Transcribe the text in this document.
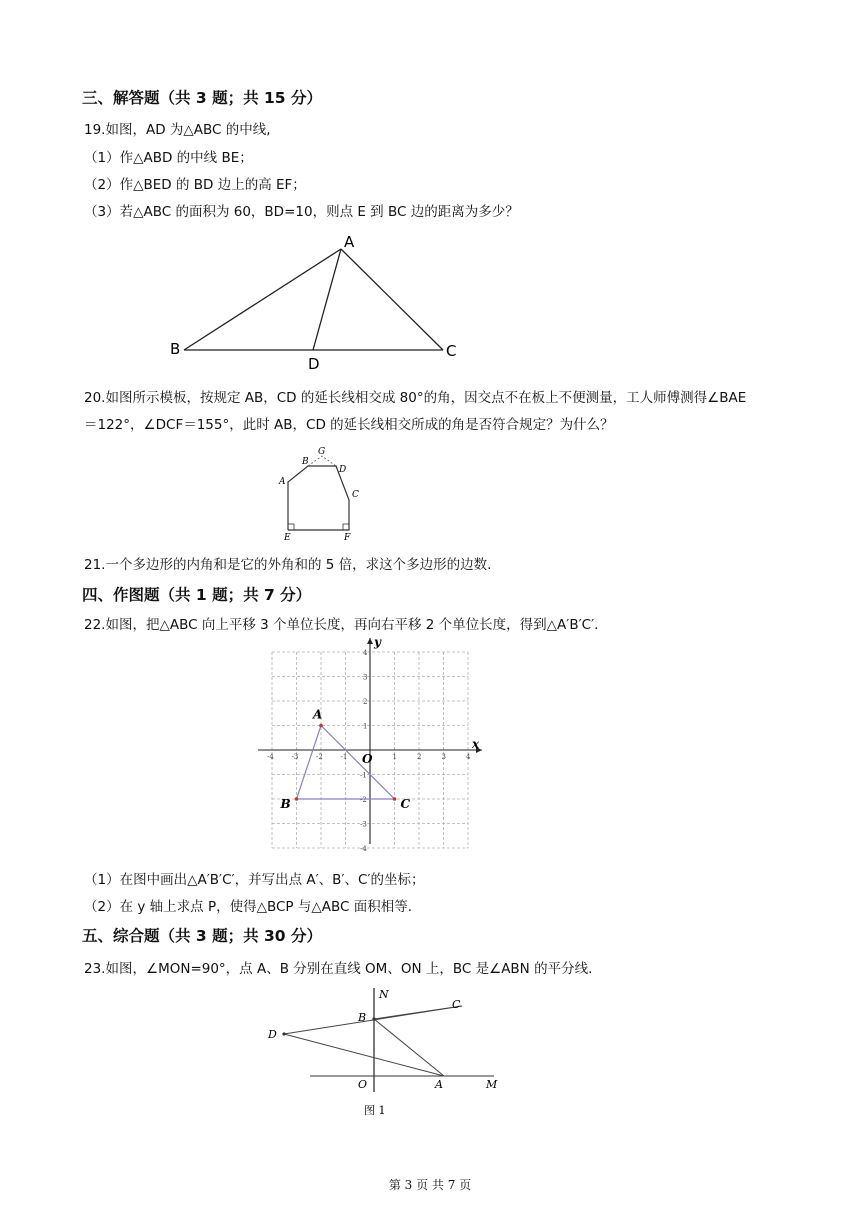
三、解答题（共 3 题；共 15 分）
19.如图，AD 为△ABC 的中线,
（1）作△ABD 的中线 BE；
（2）作△BED 的 BD 边上的高 EF；
（3）若△ABC 的面积为 60，BD=10，则点 E 到 BC 边的距离为多少？
A
B
D
C
20.如图所示模板，按规定 AB，CD 的延长线相交成 80°的角，因交点不在板上不便测量，工人师傅测得∠BAE
＝122°，∠DCF＝155°，此时 AB，CD 的延长线相交所成的角是否符合规定？为什么？
A
B
G
D
C
E	F
21.一个多边形的内角和是它的外角和的 5 倍，求这个多边形的边数.
四、作图题（共 1 题；共 7 分）
22.如图，把△ABC 向上平移 3 个单位长度，再向右平移 2 个单位长度，得到△A′B′C′.
-4	-3	-2	-1	1	2	3	4
4
3
2
1
-1
-2
-3
-4
A
B	C
x
y
O
（1）在图中画出△A′B′C′，并写出点 A′、B′、C′的坐标；
（2）在 y 轴上求点 P，使得△BCP 与△ABC 面积相等.
五、综合题（共 3 题；共 30 分）
23.如图，∠MON=90°，点 A、B 分别在直线 OM、ON 上，BC 是∠ABN 的平分线.
N
B
C
D
O	A	M
图 1
第 3 页 共 7 页
